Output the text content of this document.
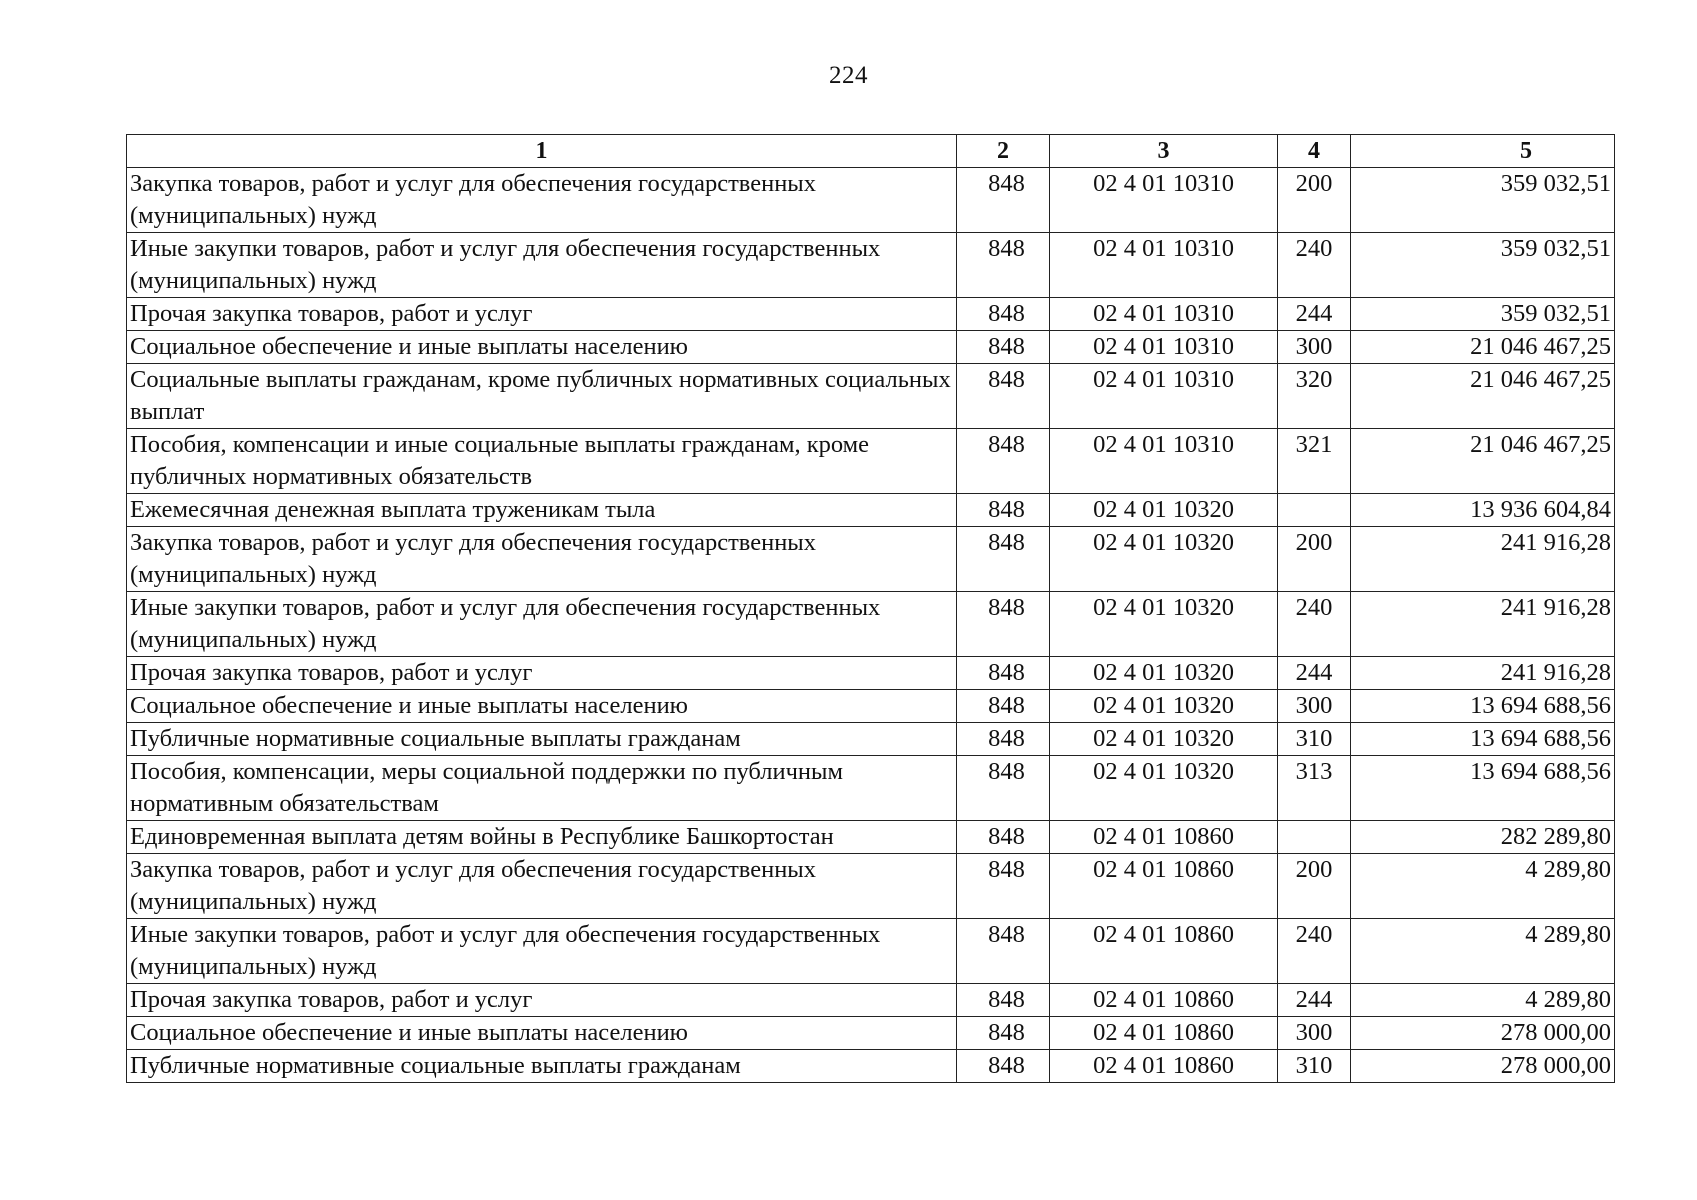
224
1	2	3	4	5
Закупка товаров, работ и услуг для обеспечения государственных (муниципальных) нужд	848	02 4 01 10310	200	359 032,51
Иные закупки товаров, работ и услуг для обеспечения государственных (муниципальных) нужд	848	02 4 01 10310	240	359 032,51
Прочая закупка товаров, работ и услуг	848	02 4 01 10310	244	359 032,51
Социальное обеспечение и иные выплаты населению	848	02 4 01 10310	300	21 046 467,25
Социальные выплаты гражданам, кроме публичных нормативных социальных выплат	848	02 4 01 10310	320	21 046 467,25
Пособия, компенсации и иные социальные выплаты гражданам, кроме публичных нормативных обязательств	848	02 4 01 10310	321	21 046 467,25
Ежемесячная денежная выплата труженикам тыла	848	02 4 01 10320		13 936 604,84
Закупка товаров, работ и услуг для обеспечения государственных (муниципальных) нужд	848	02 4 01 10320	200	241 916,28
Иные закупки товаров, работ и услуг для обеспечения государственных (муниципальных) нужд	848	02 4 01 10320	240	241 916,28
Прочая закупка товаров, работ и услуг	848	02 4 01 10320	244	241 916,28
Социальное обеспечение и иные выплаты населению	848	02 4 01 10320	300	13 694 688,56
Публичные нормативные социальные выплаты гражданам	848	02 4 01 10320	310	13 694 688,56
Пособия, компенсации, меры социальной поддержки по публичным нормативным обязательствам	848	02 4 01 10320	313	13 694 688,56
Единовременная выплата детям войны в Республике Башкортостан	848	02 4 01 10860		282 289,80
Закупка товаров, работ и услуг для обеспечения государственных (муниципальных) нужд	848	02 4 01 10860	200	4 289,80
Иные закупки товаров, работ и услуг для обеспечения государственных (муниципальных) нужд	848	02 4 01 10860	240	4 289,80
Прочая закупка товаров, работ и услуг	848	02 4 01 10860	244	4 289,80
Социальное обеспечение и иные выплаты населению	848	02 4 01 10860	300	278 000,00
Публичные нормативные социальные выплаты гражданам	848	02 4 01 10860	310	278 000,00
